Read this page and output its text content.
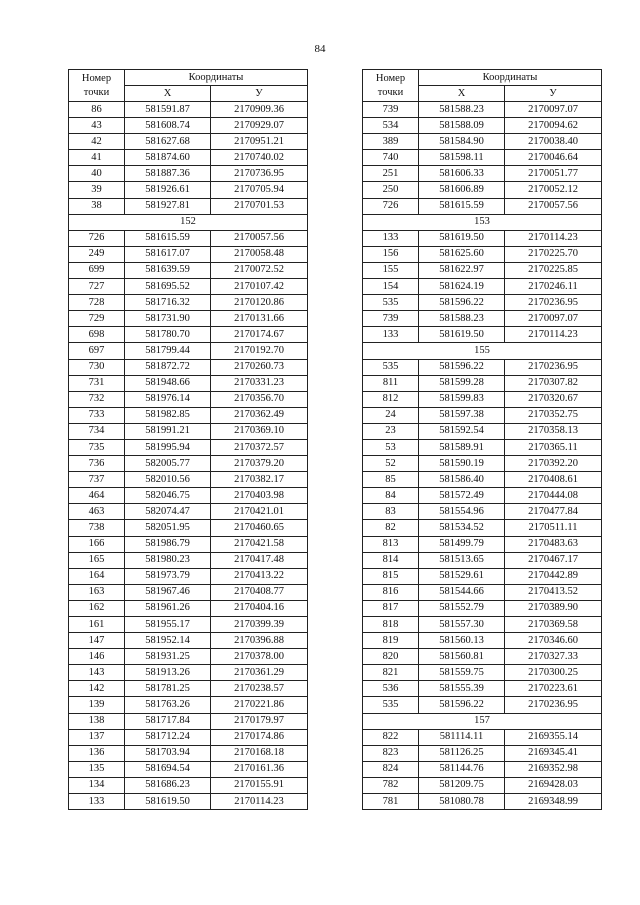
84
Номер
точки	Координаты	
	X	У
86	581591.87	2170909.36
43	581608.74	2170929.07
42	581627.68	2170951.21
41	581874.60	2170740.02
40	581887.36	2170736.95
39	581926.61	2170705.94
38	581927.81	2170701.53
152		
726	581615.59	2170057.56
249	581617.07	2170058.48
699	581639.59	2170072.52
727	581695.52	2170107.42
728	581716.32	2170120.86
729	581731.90	2170131.66
698	581780.70	2170174.67
697	581799.44	2170192.70
730	581872.72	2170260.73
731	581948.66	2170331.23
732	581976.14	2170356.70
733	581982.85	2170362.49
734	581991.21	2170369.10
735	581995.94	2170372.57
736	582005.77	2170379.20
737	582010.56	2170382.17
464	582046.75	2170403.98
463	582074.47	2170421.01
738	582051.95	2170460.65
166	581986.79	2170421.58
165	581980.23	2170417.48
164	581973.79	2170413.22
163	581967.46	2170408.77
162	581961.26	2170404.16
161	581955.17	2170399.39
147	581952.14	2170396.88
146	581931.25	2170378.00
143	581913.26	2170361.29
142	581781.25	2170238.57
139	581763.26	2170221.86
138	581717.84	2170179.97
137	581712.24	2170174.86
136	581703.94	2170168.18
135	581694.54	2170161.36
134	581686.23	2170155.91
133	581619.50	2170114.23
Номер
точки	Координаты	
	X	У
739	581588.23	2170097.07
534	581588.09	2170094.62
389	581584.90	2170038.40
740	581598.11	2170046.64
251	581606.33	2170051.77
250	581606.89	2170052.12
726	581615.59	2170057.56
153		
133	581619.50	2170114.23
156	581625.60	2170225.70
155	581622.97	2170225.85
154	581624.19	2170246.11
535	581596.22	2170236.95
739	581588.23	2170097.07
133	581619.50	2170114.23
155		
535	581596.22	2170236.95
811	581599.28	2170307.82
812	581599.83	2170320.67
24	581597.38	2170352.75
23	581592.54	2170358.13
53	581589.91	2170365.11
52	581590.19	2170392.20
85	581586.40	2170408.61
84	581572.49	2170444.08
83	581554.96	2170477.84
82	581534.52	2170511.11
813	581499.79	2170483.63
814	581513.65	2170467.17
815	581529.61	2170442.89
816	581544.66	2170413.52
817	581552.79	2170389.90
818	581557.30	2170369.58
819	581560.13	2170346.60
820	581560.81	2170327.33
821	581559.75	2170300.25
536	581555.39	2170223.61
535	581596.22	2170236.95
157		
822	581114.11	2169355.14
823	581126.25	2169345.41
824	581144.76	2169352.98
782	581209.75	2169428.03
781	581080.78	2169348.99
